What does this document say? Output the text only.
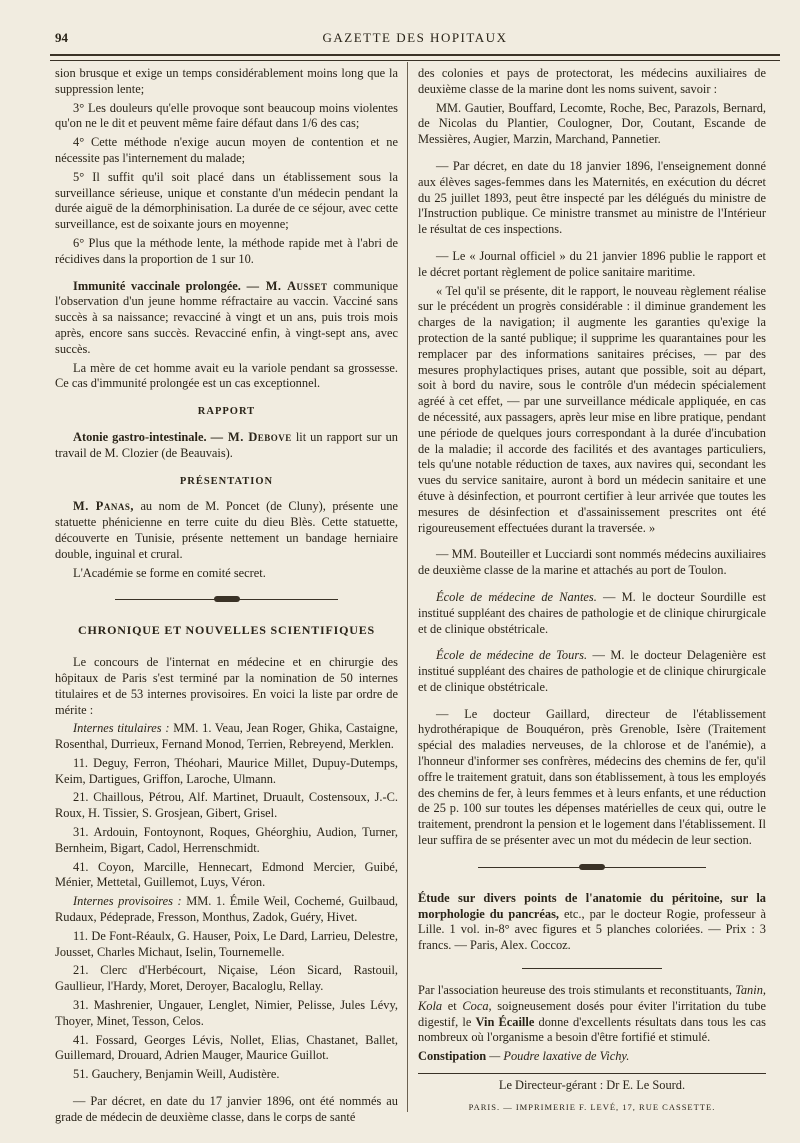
94	GAZETTE DES HOPITAUX

sion brusque et exige un temps considérablement moins long que la suppression lente;

3° Les douleurs qu'elle provoque sont beaucoup moins violentes qu'on ne le dit et peuvent même faire défaut dans 1/6 des cas;

4° Cette méthode n'exige aucun moyen de contention et ne nécessite pas l'internement du malade;

5° Il suffit qu'il soit placé dans un établissement sous la surveillance sérieuse, unique et constante d'un médecin pendant la durée aiguë de la démorphinisation. La durée de ce séjour, avec cette surveillance, est de soixante jours en moyenne;

6° Plus que la méthode lente, la méthode rapide met à l'abri de récidives dans la proportion de 1 sur 10.

Immunité vaccinale prolongée. — M. Ausset communique l'observation d'un jeune homme réfractaire au vaccin. Vacciné sans succès à sa naissance; revacciné à vingt et un ans, puis trois mois après, encore sans succès. Revacciné enfin, à vingt-sept ans, avec succès.

La mère de cet homme avait eu la variole pendant sa grossesse. Ce cas d'immunité prolongée est un cas exceptionnel.

RAPPORT

Atonie gastro-intestinale. — M. Debove lit un rapport sur un travail de M. Clozier (de Beauvais).

PRÉSENTATION

M. Panas, au nom de M. Poncet (de Cluny), présente une statuette phénicienne en terre cuite du dieu Blès. Cette statuette, découverte en Tunisie, présente nettement un bandage herniaire double, inguinal et crural.

L'Académie se forme en comité secret.

CHRONIQUE ET NOUVELLES SCIENTIFIQUES

Le concours de l'internat en médecine et en chirurgie des hôpitaux de Paris s'est terminé par la nomination de 50 internes titulaires et de 53 internes provisoires. En voici la liste par ordre de mérite :

Internes titulaires : MM. 1. Veau, Jean Roger, Ghika, Castaigne, Rosenthal, Durrieux, Fernand Monod, Terrien, Rebreyend, Merklen.

11. Deguy, Ferron, Théohari, Maurice Millet, Dupuy-Dutemps, Keim, Dartigues, Griffon, Laroche, Ulmann.

21. Chaillous, Pétrou, Alf. Martinet, Druault, Costensoux, J.-C. Roux, H. Tissier, S. Grosjean, Gibert, Grisel.

31. Ardouin, Fontoynont, Roques, Ghéorghiu, Audion, Turner, Bernheim, Bigart, Cadol, Herrenschmidt.

41. Coyon, Marcille, Hennecart, Edmond Mercier, Guibé, Ménier, Mettetal, Guillemot, Luys, Véron.

Internes provisoires : MM. 1. Émile Weil, Cochemé, Guilbaud, Rudaux, Pédeprade, Fresson, Monthus, Zadok, Guéry, Hivet.

11. De Font-Réaulx, G. Hauser, Poix, Le Dard, Larrieu, Delestre, Jousset, Charles Michaut, Iselin, Tournemelle.

21. Clerc d'Herbécourt, Niçaise, Léon Sicard, Rastouil, Gaullieur, l'Hardy, Moret, Deroyer, Bacaloglu, Rellay.

31. Mashrenier, Ungauer, Lenglet, Nimier, Pelisse, Jules Lévy, Thoyer, Minet, Tesson, Celos.

41. Fossard, Georges Lévis, Nollet, Elias, Chastanet, Ballet, Guillemard, Drouard, Adrien Mauger, Maurice Guillot.

51. Gauchery, Benjamin Weill, Audistère.

— Par décret, en date du 17 janvier 1896, ont été nommés au grade de médecin de deuxième classe, dans le corps de santé

des colonies et pays de protectorat, les médecins auxiliaires de deuxième classe de la marine dont les noms suivent, savoir :

MM. Gautier, Bouffard, Lecomte, Roche, Bec, Parazols, Bernard, de Nicolas du Plantier, Coulogner, Dor, Coutant, Escande de Messières, Augier, Marzin, Marchand, Pannetier.

— Par décret, en date du 18 janvier 1896, l'enseignement donné aux élèves sages-femmes dans les Maternités, en exécution du décret du 25 juillet 1893, peut être inspecté par les délégués du ministre de l'Instruction publique. Ce ministre transmet au ministre de l'Intérieur le résultat de ces inspections.

— Le « Journal officiel » du 21 janvier 1896 publie le rapport et le décret portant règlement de police sanitaire maritime.

« Tel qu'il se présente, dit le rapport, le nouveau règlement réalise sur le précédent un progrès considérable : il diminue grandement les charges de la navigation; il augmente les garanties qu'exige la protection de la santé publique; il supprime les quarantaines pour les remplacer par des informations sanitaires précises, — par des mesures prophylactiques prises, autant que possible, soit au départ, soit à bord du navire, sous le contrôle d'un médecin spécialement agréé à cet effet, — par une surveillance médicale appliquée, en cas de nécessité, aux passagers, après leur mise en libre pratique, pendant une période de quelques jours correspondant à la durée d'incubation de la maladie; il accorde des facilités et des avantages particuliers, tels qu'une notable réduction de taxes, aux navires qui, secondant les vues du service sanitaire, auront à bord un médecin sanitaire et une étuve à désinfection, et pourront certifier à leur arrivée que toutes les mesures de désinfection et d'assainissement prescrites ont été rigoureusement effectuées durant la traversée. »

— MM. Bouteiller et Lucciardi sont nommés médecins auxiliaires de deuxième classe de la marine et attachés au port de Toulon.

École de médecine de Nantes. — M. le docteur Sourdille est institué suppléant des chaires de pathologie et de clinique chirurgicale et de clinique obstétricale.

École de médecine de Tours. — M. le docteur Delagenière est institué suppléant des chaires de pathologie et de clinique chirurgicale et de clinique obstétricale.

— Le docteur Gaillard, directeur de l'établissement hydrothérapique de Bouquéron, près Grenoble, Isère (Traitement spécial des maladies nerveuses, de la chlorose et de l'anémie), a l'honneur d'informer ses confrères, médecins des chemins de fer, qu'il offre le traitement gratuit, dans son établissement, à tous les employés des chemins de fer, à leurs femmes et à leurs enfants, et une réduction de 25 p. 100 sur toutes les dépenses matérielles de ceux qui, outre le traitement, prendront la pension et le logement dans l'établissement. Il leur suffira de se présenter avec un mot du médecin de leur section.

Étude sur divers points de l'anatomie du péritoine, sur la morphologie du pancréas, etc., par le docteur Rogie, professeur à Lille. 1 vol. in-8° avec figures et 5 planches coloriées. — Prix : 3 francs. — Paris, Alex. Coccoz.

Par l'association heureuse des trois stimulants et reconstituants, Tanin, Kola et Coca, soigneusement dosés pour éviter l'irritation du tube digestif, le Vin Écaille donne d'excellents résultats dans tous les cas nombreux où l'organisme a besoin d'être fortifié et stimulé.

Constipation — Poudre laxative de Vichy.

Le Directeur-gérant : Dr E. Le Sourd.
PARIS. — IMPRIMERIE F. LEVÉ, 17, RUE CASSETTE.
